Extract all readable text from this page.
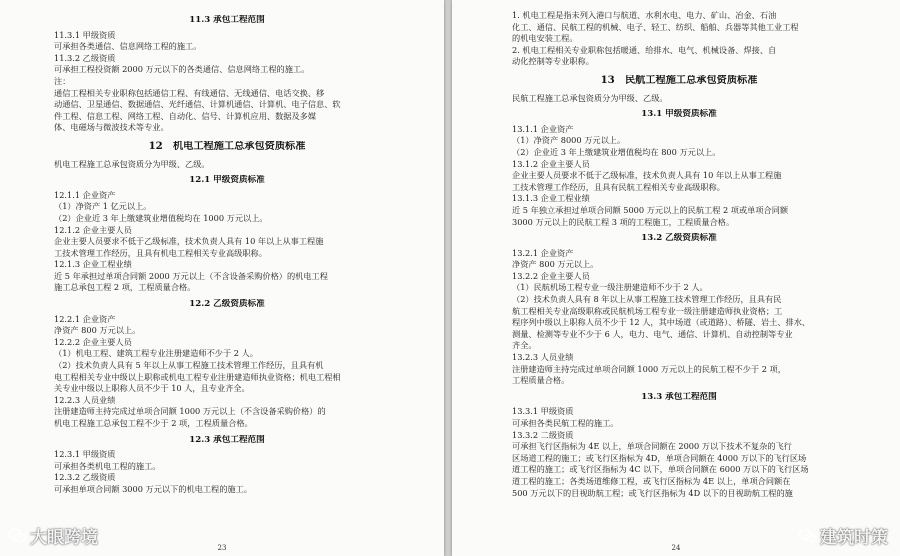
11.3 承包工程范围
11.3.1 甲级资质
可承担各类通信、信息网络工程的施工。
11.3.2 乙级资质
可承担工程投资额 2000 万元以下的各类通信、信息网络工程的施工。
注：
通信工程相关专业职称包括通信工程、有线通信、无线通信、电话交换、移
动通信、卫星通信、数据通信、光纤通信、计算机通信、计算机、电子信息、软
件工程、信息工程、网络工程、自动化、信号、计算机应用、数据及多媒
体、电磁场与微波技术等专业。
12　机电工程施工总承包资质标准
机电工程施工总承包资质分为甲级、乙级。
12.1 甲级资质标准
12.1.1 企业资产
（1）净资产 1 亿元以上。
（2）企业近 3 年上缴建筑业增值税均在 1000 万元以上。
12.1.2 企业主要人员
企业主要人员要求不低于乙级标准，技术负责人具有 10 年以上从事工程施
工技术管理工作经历，且具有机电工程相关专业高级职称。
12.1.3 企业工程业绩
近 5 年承担过单项合同额 2000 万元以上（不含设备采购价格）的机电工程
施工总承包工程 2 项，工程质量合格。
12.2 乙级资质标准
12.2.1 企业资产
净资产 800 万元以上。
12.2.2 企业主要人员
（1）机电工程、建筑工程专业注册建造师不少于 2 人。
（2）技术负责人具有 5 年以上从事工程施工技术管理工作经历，且具有机
电工程相关专业中级以上职称或机电工程专业注册建造师执业资格；机电工程相
关专业中级以上职称人员不少于 10 人，且专业齐全。
12.2.3 人员业绩
注册建造师主持完成过单项合同额 1000 万元以上（不含设备采购价格）的
机电工程施工总承包工程不少于 2 项，工程质量合格。
12.3 承包工程范围
12.3.1 甲级资质
可承担各类机电工程的施工。
12.3.2 乙级资质
可承担单项合同额 3000 万元以下的机电工程的施工。
23
大眼跨境
1. 机电工程是指未列入港口与航道、水利水电、电力、矿山、冶金、石油
化工、通信、民航工程的机械、电子、轻工、纺织、船舶、兵器等其他工业工程
的机电安装工程。
2. 机电工程相关专业职称包括暖通、给排水、电气、机械设备、焊接、自
动化控制等专业职称。
13　民航工程施工总承包资质标准
民航工程施工总承包资质分为甲级、乙级。
13.1 甲级资质标准
13.1.1 企业资产
（1）净资产 8000 万元以上。
（2）企业近 3 年上缴建筑业增值税均在 800 万元以上。
13.1.2 企业主要人员
企业主要人员要求不低于乙级标准，技术负责人具有 10 年以上从事工程施
工技术管理工作经历，且具有民航工程相关专业高级职称。
13.1.3 企业工程业绩
近 5 年独立承担过单项合同额 5000 万元以上的民航工程 2 项或单项合同额
3000 万元以上的民航工程 3 项的工程施工，工程质量合格。
13.2 乙级资质标准
13.2.1 企业资产
净资产 800 万元以上。
13.2.2 企业主要人员
（1）民航机场工程专业一级注册建造师不少于 2 人。
（2）技术负责人具有 8 年以上从事工程施工技术管理工作经历，且具有民
航工程相关专业高级职称或民航机场工程专业一级注册建造师执业资格；工
程序列中级以上职称人员不少于 12 人，其中场道（或道路）、桥隧、岩土、排水、
测量、检测等专业不少于 6 人，电力、电气、通信、计算机、自动控制等专业
齐全。
13.2.3 人员业绩
注册建造师主持完成过单项合同额 1000 万元以上的民航工程不少于 2 项，
工程质量合格。
13.3 承包工程范围
13.3.1 甲级资质
可承担各类民航工程的施工。
13.3.2 二级资质
可承担飞行区指标为 4E 以上，单项合同额在 2000 万以下技术不复杂的飞行
区场道工程的施工；或飞行区指标为 4D，单项合同额在 4000 万以下的飞行区场
道工程的施工；或飞行区指标为 4C 以下，单项合同额在 6000 万以下的飞行区场
道工程的施工；各类场道维修工程，或飞行区指标为 4E 以上，单项合同额在
500 万元以下的目视助航工程；或飞行区指标为 4D 以下的目视助航工程的施
24	建筑时策
